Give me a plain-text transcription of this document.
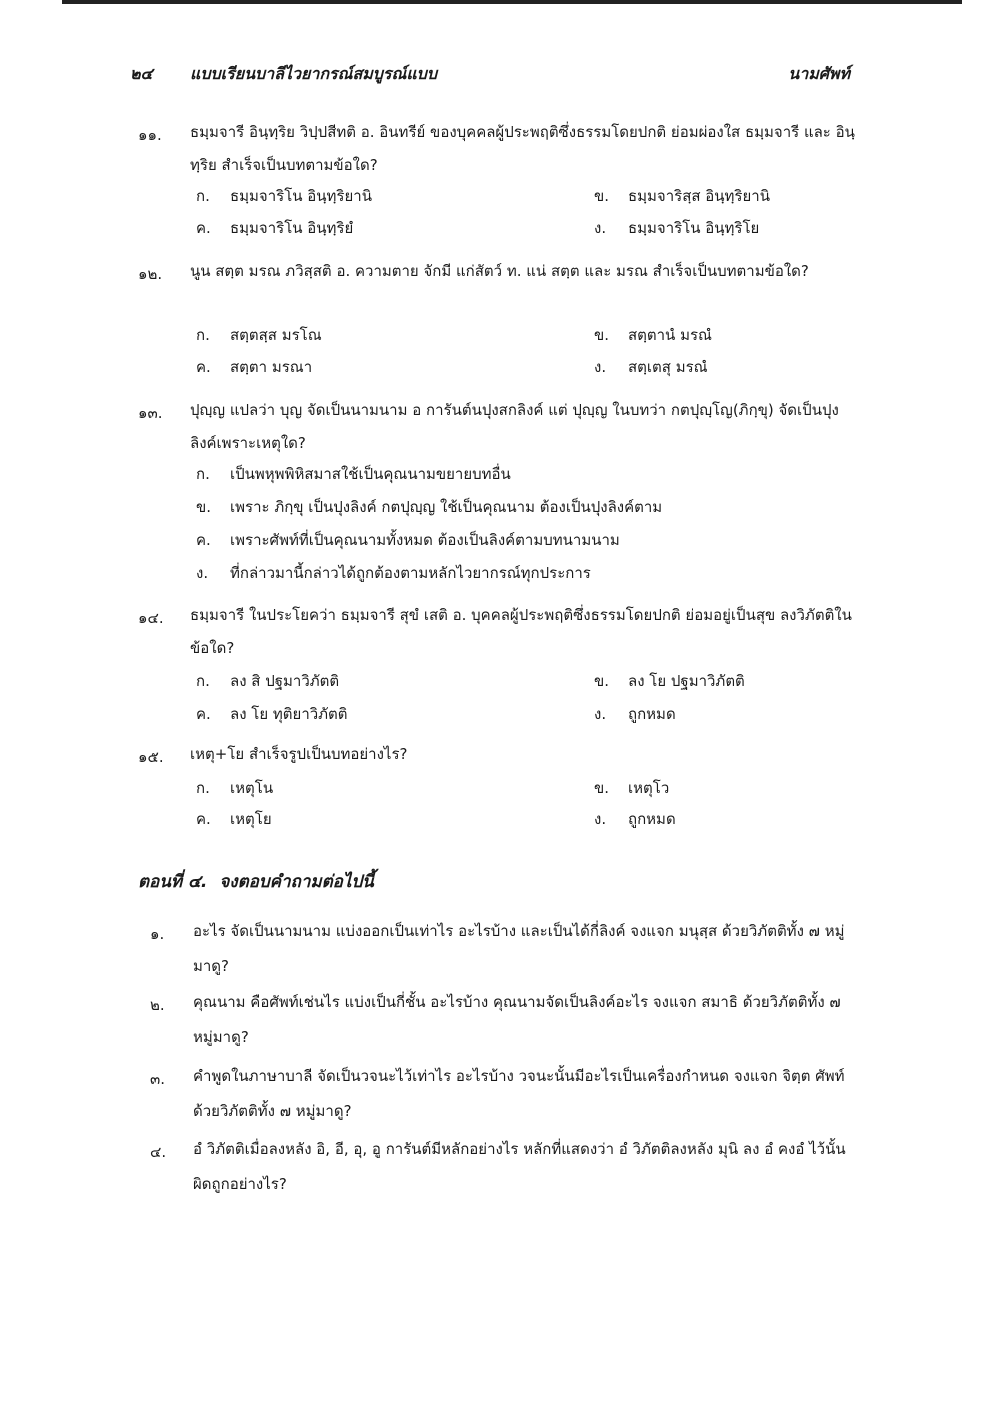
๒๔ แบบเรียนบาลีไวยากรณ์สมบูรณ์แบบ	นามศัพท์
๑๑. ธมฺมจารี อินฺทฺริย วิปฺปสีทติ อ. อินทรีย์ ของบุคคลผู้ประพฤติซึ่งธรรมโดยปกติ ย่อมผ่องใส ธมฺมจารี และ อินฺทฺริย สำเร็จเป็นบทตามข้อใด?
ก. ธมฺมจาริโน อินฺทฺริยานิ	ข. ธมฺมจาริสฺส อินฺทฺริยานิ
ค. ธมฺมจาริโน อินฺทฺริยํ	ง. ธมฺมจาริโน อินฺทฺริโย
๑๒. นูน สตฺต มรณ ภวิสฺสติ อ. ความตาย จักมี แก่สัตว์ ท. แน่ สตฺต และ มรณ สำเร็จเป็นบทตามข้อใด?
ก. สตฺตสฺส มรโณ	ข. สตฺตานํ มรณํ
ค. สตฺตา มรณา	ง. สตฺเตสุ มรณํ
๑๓. ปุญฺญ แปลว่า บุญ จัดเป็นนามนาม อ การันต์นปุงสกลิงค์ แต่ ปุญฺญ ในบทว่า กตปุญฺโญ(ภิกฺขุ) จัดเป็นปุงลิงค์เพราะเหตุใด?
ก. เป็นพหุพพิหิสมาสใช้เป็นคุณนามขยายบทอื่น
ข. เพราะ ภิกฺขุ เป็นปุงลิงค์ กตปุญฺญ ใช้เป็นคุณนาม ต้องเป็นปุงลิงค์ตาม
ค. เพราะศัพท์ที่เป็นคุณนามทั้งหมด ต้องเป็นลิงค์ตามบทนามนาม
ง. ที่กล่าวมานี้กล่าวได้ถูกต้องตามหลักไวยากรณ์ทุกประการ
๑๔. ธมฺมจารี ในประโยคว่า ธมฺมจารี สุขํ เสติ อ. บุคคลผู้ประพฤติซึ่งธรรมโดยปกติ ย่อมอยู่เป็นสุข ลงวิภัตติในข้อใด?
ก. ลง สิ ปฐมาวิภัตติ	ข. ลง โย ปฐมาวิภัตติ
ค. ลง โย ทุติยาวิภัตติ	ง. ถูกหมด
๑๕. เหตุ+โย สำเร็จรูปเป็นบทอย่างไร?
ก. เหตุโน	ข. เหตุโว
ค. เหตุโย	ง. ถูกหมด
ตอนที่ ๔. จงตอบคำถามต่อไปนี้
๑. อะไร จัดเป็นนามนาม แบ่งออกเป็นเท่าไร อะไรบ้าง และเป็นได้กี่ลิงค์ จงแจก มนุสฺส ด้วยวิภัตติทั้ง ๗ หมู่มาดู?
๒. คุณนาม คือศัพท์เช่นไร แบ่งเป็นกี่ชั้น อะไรบ้าง คุณนามจัดเป็นลิงค์อะไร จงแจก สมาธิ ด้วยวิภัตติทั้ง ๗ หมู่มาดู?
๓. คำพูดในภาษาบาลี จัดเป็นวจนะไว้เท่าไร อะไรบ้าง วจนะนั้นมีอะไรเป็นเครื่องกำหนด จงแจก จิตฺต ศัพท์ด้วยวิภัตติทั้ง ๗ หมู่มาดู?
๔. อํ วิภัตติเมื่อลงหลัง อิ, อี, อุ, อู การันต์มีหลักอย่างไร หลักที่แสดงว่า อํ วิภัตติลงหลัง มุนิ ลง อํ คงอํ ไว้นั้นผิดถูกอย่างไร?
